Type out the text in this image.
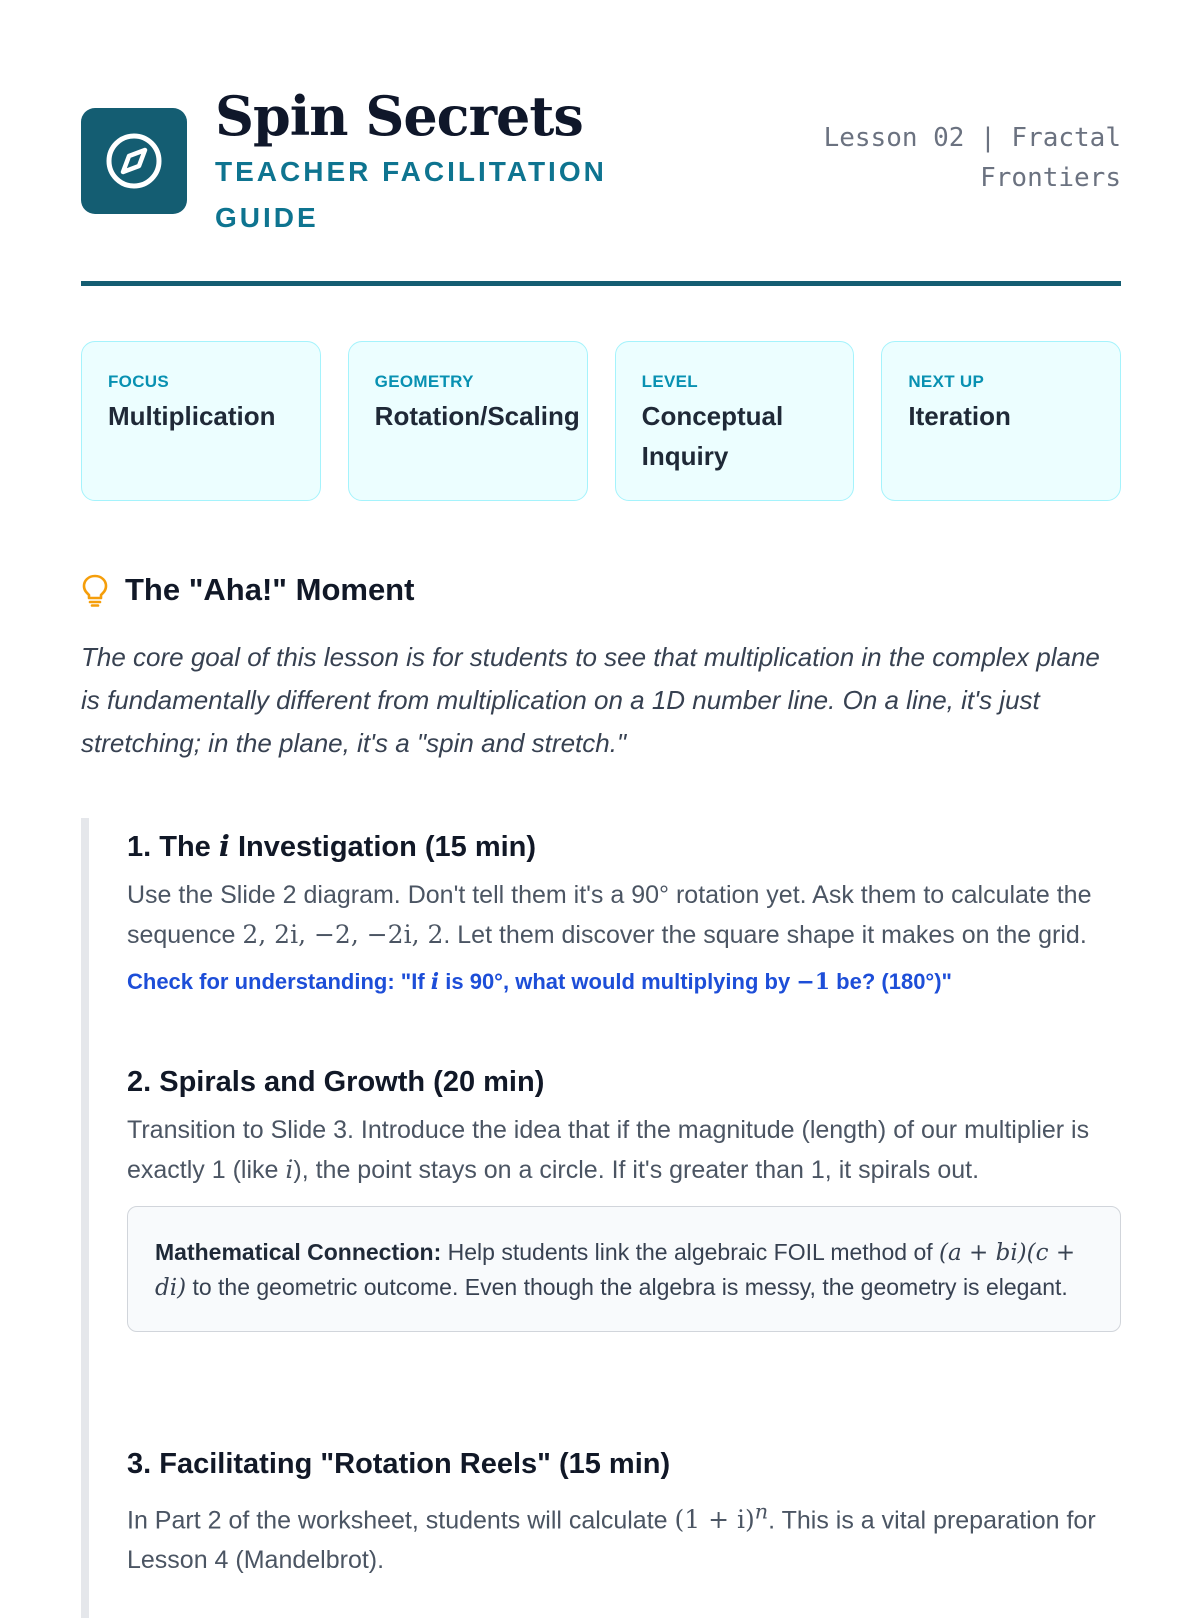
Spin Secrets
TEACHER FACILITATION GUIDE
Lesson 02 | Fractal Frontiers
FOCUS
Multiplication
GEOMETRY
Rotation/Scaling
LEVEL
Conceptual Inquiry
NEXT UP
Iteration
The "Aha!" Moment

The core goal of this lesson is for students to see that multiplication in the complex plane is fundamentally different from multiplication on a 1D number line. On a line, it's just stretching; in the plane, it's a "spin and stretch."

1. The i Investigation (15 min)

Use the Slide 2 diagram. Don't tell them it's a 90° rotation yet. Ask them to calculate the sequence 2, 2i, −2, −2i, 2. Let them discover the square shape it makes on the grid.

Check for understanding: "If i is 90°, what would multiplying by −1 be? (180°)"
2. Spirals and Growth (20 min)

Transition to Slide 3. Introduce the idea that if the magnitude (length) of our multiplier is exactly 1 (like i), the point stays on a circle. If it's greater than 1, it spirals out.

Mathematical Connection: Help students link the algebraic FOIL method of (a + bi)(c + di) to the geometric outcome. Even though the algebra is messy, the geometry is elegant.
3. Facilitating "Rotation Reels" (15 min)

In Part 2 of the worksheet, students will calculate $(1 + i)^n$. This is a vital preparation for Lesson 4 (Mandelbrot).
